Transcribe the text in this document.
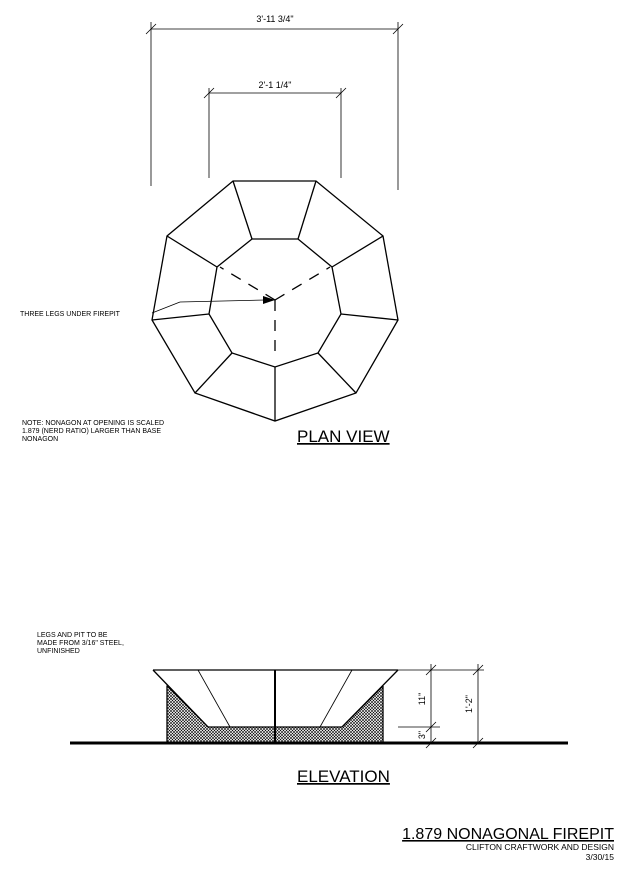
3'-11 3/4"
2'-1 1/4"
THREE LEGS UNDER FIREPIT
NOTE: NONAGON AT OPENING IS SCALED
1.879 (NERD RATIO) LARGER THAN BASE
NONAGON	PLAN VIEW
LEGS AND PIT TO BE
MADE FROM 3/16" STEEL,
UNFINISHED
11"
3"
1'-2"
ELEVATION
1.879 NONAGONAL FIREPIT
CLIFTON CRAFTWORK AND DESIGN
3/30/15
